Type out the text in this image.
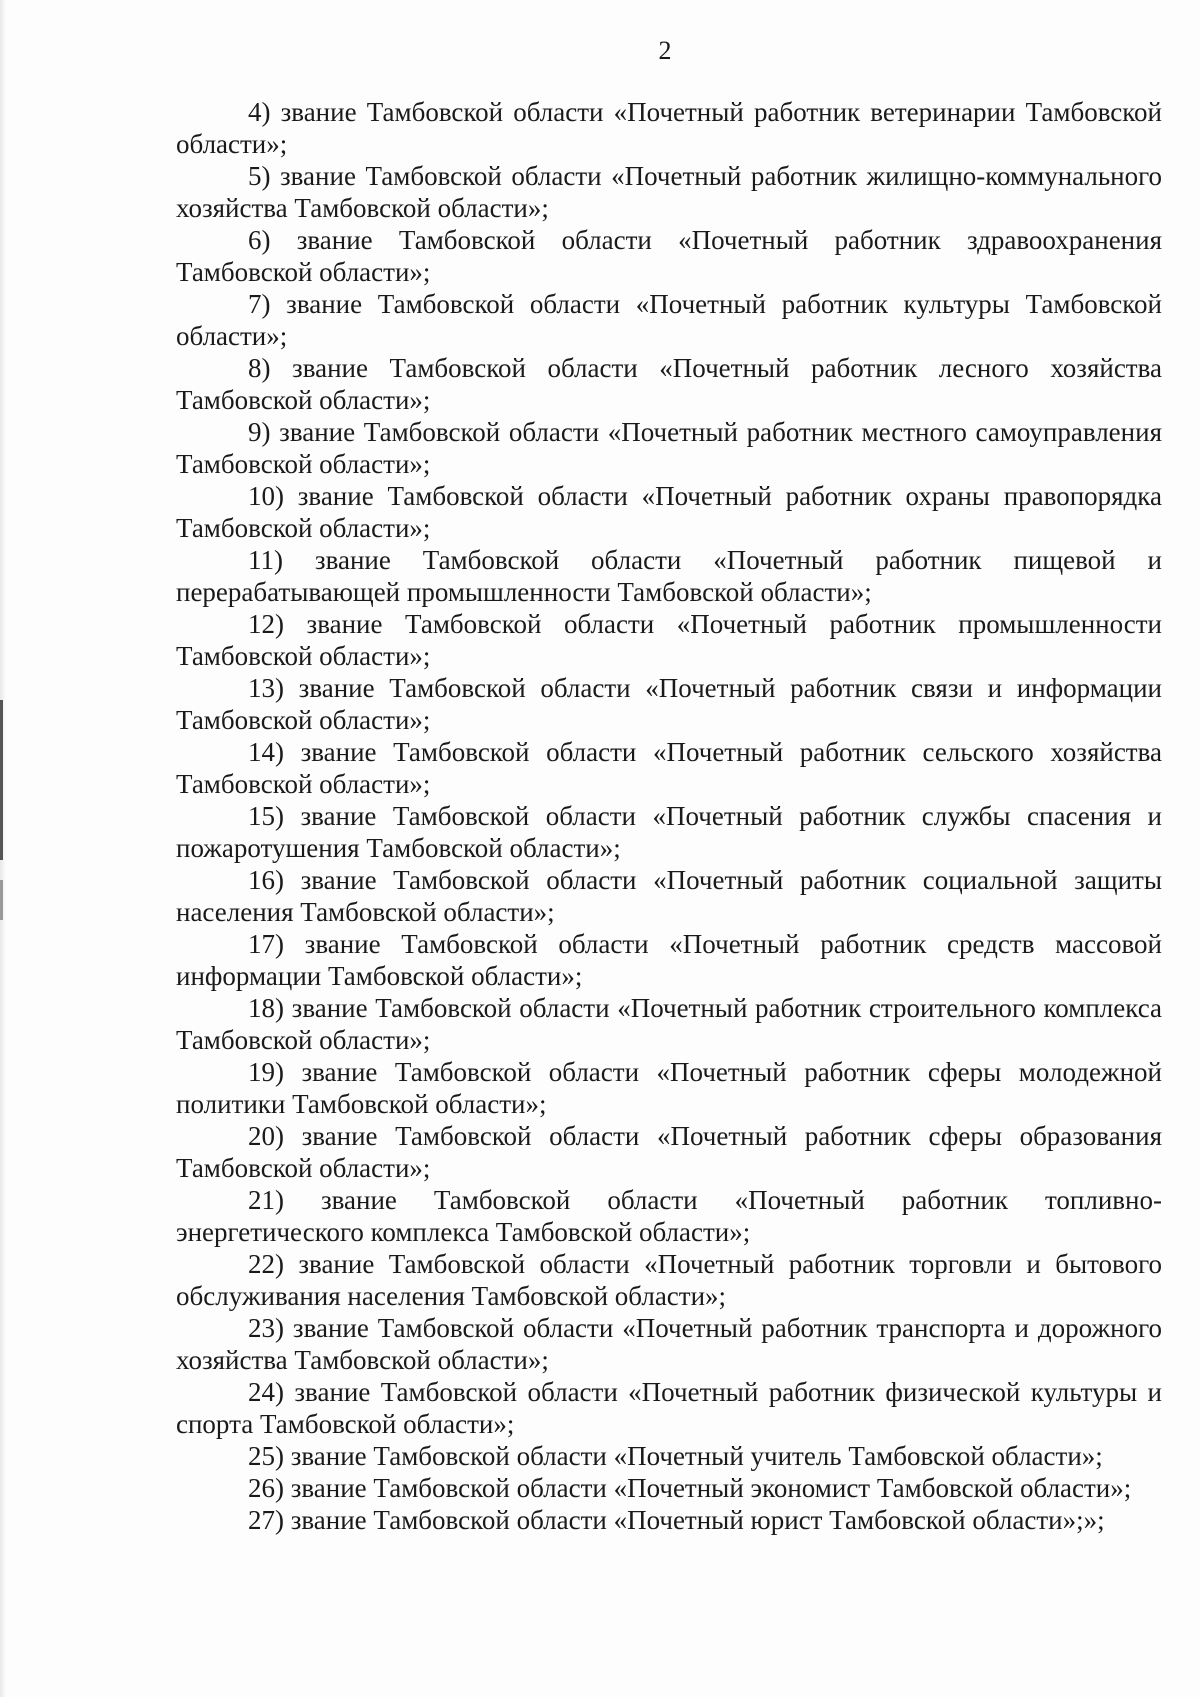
2

4) звание Тамбовской области «Почетный работник ветеринарии Тамбовской области»;

5) звание Тамбовской области «Почетный работник жилищно-коммунального хозяйства Тамбовской области»;

6) звание Тамбовской области «Почетный работник здравоохранения Тамбовской области»;

7) звание Тамбовской области «Почетный работник культуры Тамбовской области»;

8) звание Тамбовской области «Почетный работник лесного хозяйства Тамбовской области»;

9) звание Тамбовской области «Почетный работник местного самоуправления Тамбовской области»;

10) звание Тамбовской области «Почетный работник охраны правопорядка Тамбовской области»;

11) звание Тамбовской области «Почетный работник пищевой и перерабатывающей промышленности Тамбовской области»;

12) звание Тамбовской области «Почетный работник промышленности Тамбовской области»;

13) звание Тамбовской области «Почетный работник связи и информации Тамбовской области»;

14) звание Тамбовской области «Почетный работник сельского хозяйства Тамбовской области»;

15) звание Тамбовской области «Почетный работник службы спасения и пожаротушения Тамбовской области»;

16) звание Тамбовской области «Почетный работник социальной защиты населения Тамбовской области»;

17) звание Тамбовской области «Почетный работник средств массовой информации Тамбовской области»;

18) звание Тамбовской области «Почетный работник строительного комплекса Тамбовской области»;

19) звание Тамбовской области «Почетный работник сферы молодежной политики Тамбовской области»;

20) звание Тамбовской области «Почетный работник сферы образования Тамбовской области»;

21) звание Тамбовской области «Почетный работник топливно-энергетического комплекса Тамбовской области»;

22) звание Тамбовской области «Почетный работник торговли и бытового обслуживания населения Тамбовской области»;

23) звание Тамбовской области «Почетный работник транспорта и дорожного хозяйства Тамбовской области»;

24) звание Тамбовской области «Почетный работник физической культуры и спорта Тамбовской области»;

25) звание Тамбовской области «Почетный учитель Тамбовской области»;

26) звание Тамбовской области «Почетный экономист Тамбовской области»;

27) звание Тамбовской области «Почетный юрист Тамбовской области»;»;
